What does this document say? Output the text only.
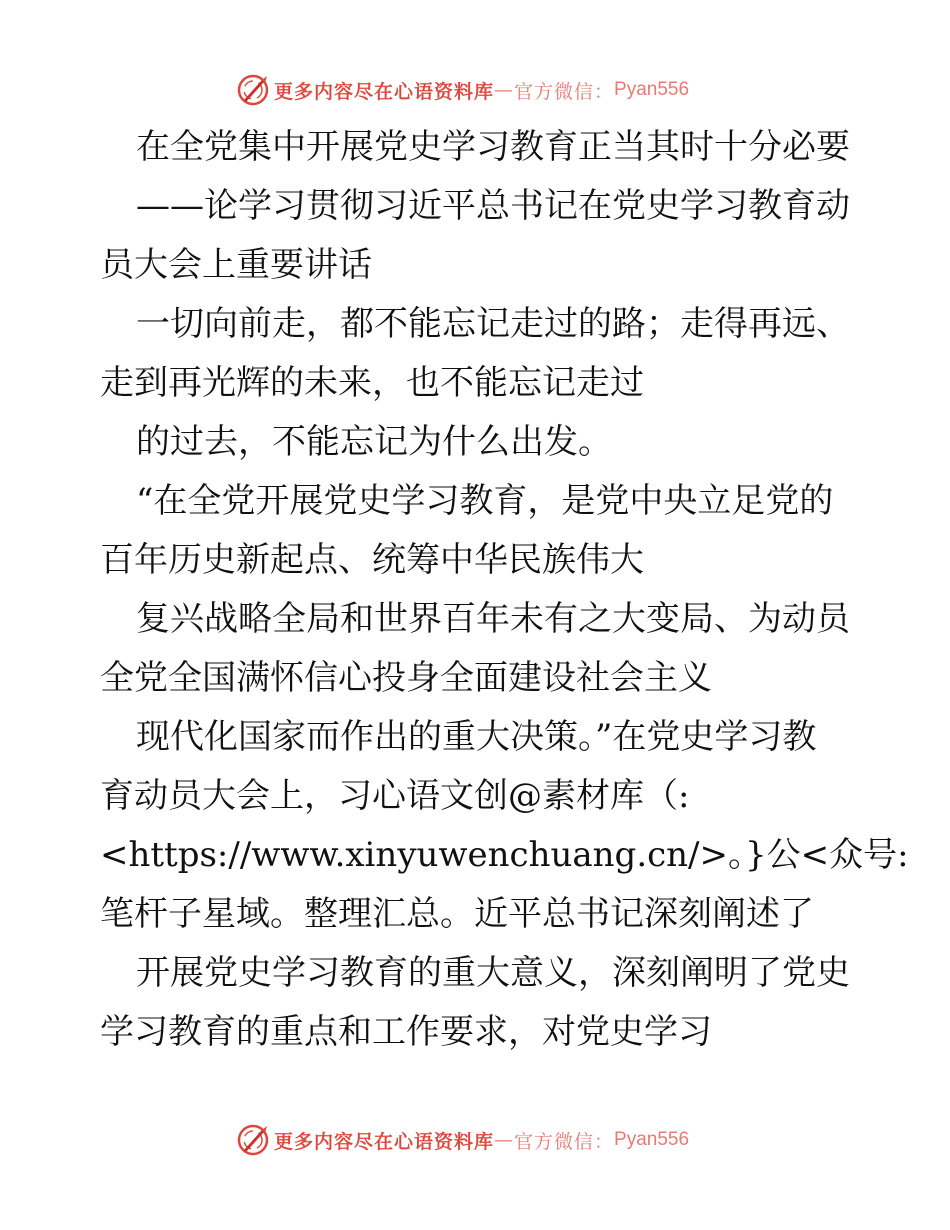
更多内容尽在心语资料库 — 官方微信： Pyan556
在全党集中开展党史学习教育正当其时十分必要
——论学习贯彻习近平总书记在党史学习教育动
员大会上重要讲话
一切向前走，都不能忘记走过的路；走得再远、
走到再光辉的未来，也不能忘记走过
的过去，不能忘记为什么出发。
“在全党开展党史学习教育，是党中央立足党的
百年历史新起点、统筹中华民族伟大
复兴战略全局和世界百年未有之大变局、为动员
全党全国满怀信心投身全面建设社会主义
现代化国家而作出的重大决策。”在党史学习教
育动员大会上，习心语文创@素材库（:
<https://www.xinyuwenchuang.cn/>。}公<众号:
笔杆子星域。整理汇总。近平总书记深刻阐述了
开展党史学习教育的重大意义，深刻阐明了党史
学习教育的重点和工作要求，对党史学习
更多内容尽在心语资料库 — 官方微信： Pyan556
